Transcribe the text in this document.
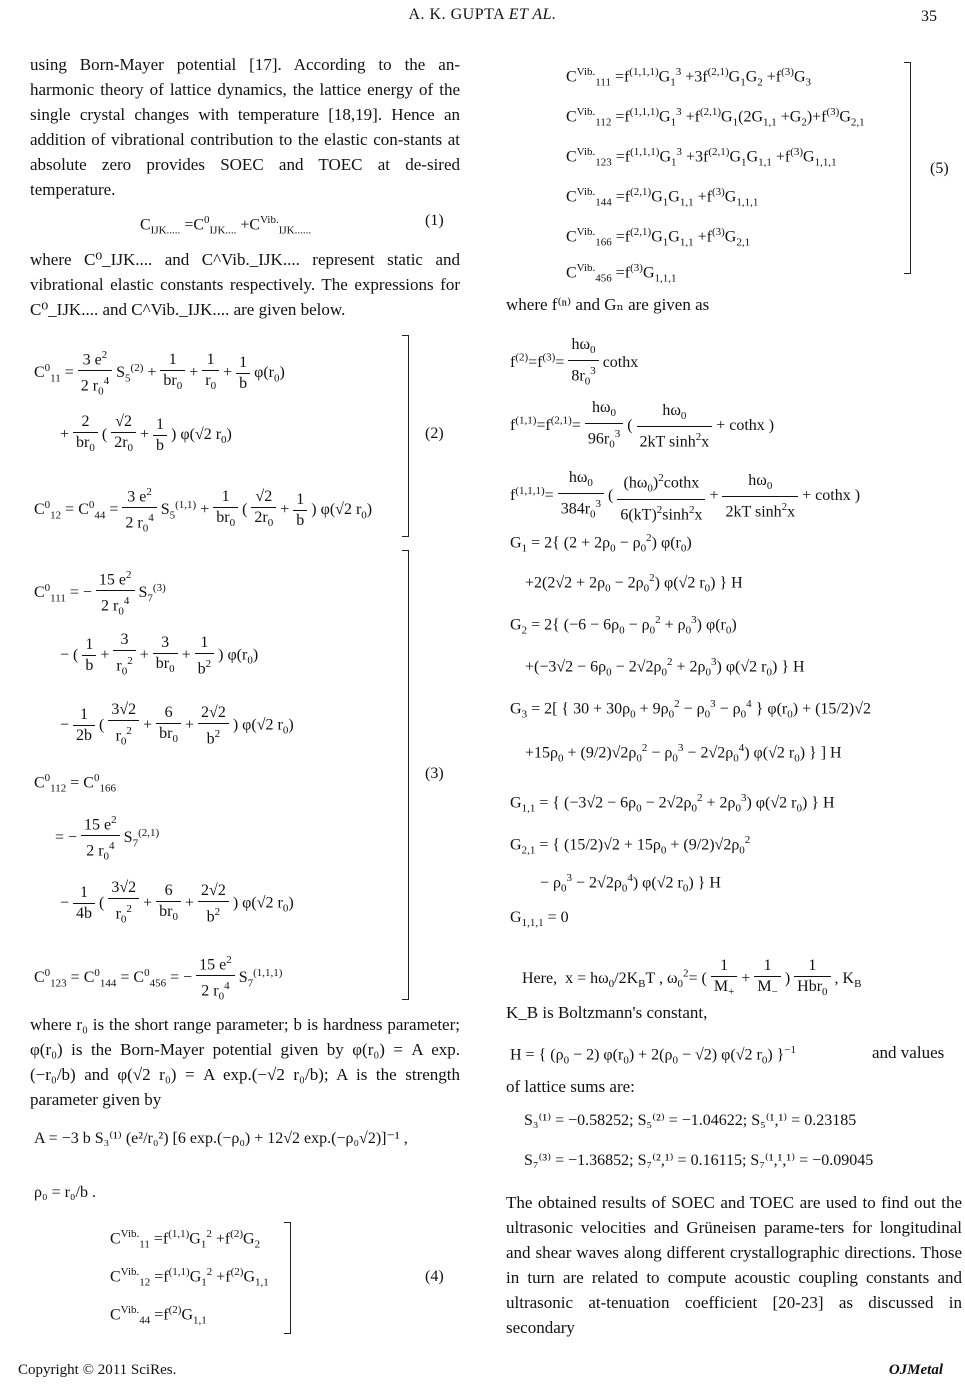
A. K. GUPTA ET AL.	35

using Born-Mayer potential [17]. According to the an-harmonic theory of lattice dynamics, the lattice energy of the single crystal changes with temperature [18,19]. Hence an addition of vibrational contribution to the elastic con-stants at absolute zero provides SOEC and TOEC at de-sired temperature.

$C_{IJK.....} =C^0_{IJK....} +C^{Vib.}_{IJK......}$
(1)

where C⁰_IJK.... and C^Vib._IJK.... represent static and vibrational elastic constants respectively. The expressions for C⁰_IJK.... and C^Vib._IJK.... are given below.

$C^0_{11} = \frac{3 e^2}{2 r_0^4} S_5^{(2)} + \frac{1}{br_0} + \frac{1}{r_0} + \frac{1}{b} \varphi(r_0)$
+ $\frac{2}{br_0}$ ( $\frac{√2}{2r_0} + \frac{1}{b}$ ) φ(√2 $r_0$)
$C^0_{12} = C^0_{44} = \frac{3 e^2}{2 r_0^4} S_5^{(1,1)} + \frac{1}{br_0}$ ( $\frac{√2}{2r_0} + \frac{1}{b}$ ) φ(√2 $r_0$)
(2)
$C^0_{111}$ = − $\frac{15 e^2}{2 r_0^4} S_7^{(3)}$
− ( $\frac{1}{b} + \frac{3}{r_0^2} + \frac{3}{br_0} + \frac{1}{b^2}$ ) $\varphi(r_0)$
− $\frac{1}{2b}$ ( $\frac{3√2}{r_0^2} + \frac{6}{br_0} + \frac{2√2}{b^2}$ ) φ(√2 $r_0$)
$C^0_{112} = C^0_{166}$
= − $\frac{15 e^2}{2 r_0^4} S_7^{(2,1)}$
− $\frac{1}{4b}$ ( $\frac{3√2}{r_0^2} + \frac{6}{br_0} + \frac{2√2}{b^2}$ ) φ(√2 $r_0$)
$C^0_{123} = C^0_{144} = C^0_{456}$ = − $\frac{15 e^2}{2 r_0^4} S_7^{(1,1,1)}$
(3)

where r₀ is the short range parameter; b is hardness parameter; φ(r₀) is the Born-Mayer potential given by φ(r₀) = A exp.(−r₀/b) and φ(√2 r₀) = A exp.(−√2 r₀/b); A is the strength parameter given by

A = −3 b S₃⁽¹⁾ (e²/r₀²) [6 exp.(−ρ₀) + 12√2 exp.(−ρ₀√2)]⁻¹ ,
ρ₀ = r₀/b .
$C^{Vib.}_{11} =f^{(1,1)}G_1^2 +f^{(2)}G_2$
$C^{Vib.}_{12} =f^{(1,1)}G_1^2 +f^{(2)}G_{1,1}$
$C^{Vib.}_{44} =f^{(2)}G_{1,1}$
(4)
$C^{Vib.}_{111} =f^{(1,1,1)}G_1^3 +3f^{(2,1)}G_1G_2 +f^{(3)}G_3$
$C^{Vib.}_{112} =f^{(1,1,1)}G_1^3 +f^{(2,1)}G_1(2G_{1,1} +G_2)+f^{(3)}G_{2,1}$
$C^{Vib.}_{123} =f^{(1,1,1)}G_1^3 +3f^{(2,1)}G_1G_{1,1} +f^{(3)}G_{1,1,1}$
$C^{Vib.}_{144} =f^{(2,1)}G_1G_{1,1} +f^{(3)}G_{1,1,1}$
$C^{Vib.}_{166} =f^{(2,1)}G_1G_{1,1} +f^{(3)}G_{2,1}$
$C^{Vib.}_{456} =f^{(3)}G_{1,1,1}$
(5)

where f⁽ⁿ⁾ and Gₙ are given as

$f^{(2)}=f^{(3)}= \frac{h\omega_0}{8r_0^3}$ cothx
$f^{(1,1)}=f^{(2,1)}= \frac{h\omega_0}{96r_0^3}$ ( $\frac{h\omega_0}{2kT \sinh^2x}$ + cothx )
$f^{(1,1,1)}= \frac{h\omega_0}{384r_0^3}$ ( $\frac{(h\omega_0)^2cothx}{6(kT)^2\sinh^2x} + \frac{h\omega_0}{2kT \sinh^2x}$ + cothx )
$G_1 = 2${ $(2 + 2\rho_0 - \rho_0^2)$ $\varphi(r_0)$
$+2(2√2 + 2\rho_0 - 2\rho_0^2)$ φ(√2 $r_0$) } H
$G_2 = 2${ $(-6 - 6\rho_0 - \rho_0^2 + \rho_0^3)$ $\varphi(r_0)$
$+(-3√2 - 6\rho_0 - 2√2\rho_0^2 + 2\rho_0^3)$ φ(√2 $r_0$) } H
$G_3 = 2$[ { $30 + 30\rho_0 + 9\rho_0^2 - \rho_0^3 - \rho_0^4$ } $\varphi(r_0) + (15/2)√2$
$+15\rho_0 + (9/2)√2\rho_0^2 - \rho_0^3 - 2√2\rho_0^4$) φ(√2 $r_0$) } ] H
$G_{1,1}$ = { $(-3√2 - 6\rho_0 - 2√2\rho_0^2 + 2\rho_0^3)$ φ(√2 $r_0$) } H
$G_{2,1}$ = { $(15/2)√2 + 15\rho_0 + (9/2)√2\rho_0^2$
− $\rho_0^3 - 2√2\rho_0^4$) φ(√2 $r_0$) } H
$G_{1,1,1} = 0$
Here,  $x = h\omega_0/2K_BT$ , $\omega_0^2=$ ( $\frac{1}{M_+} + \frac{1}{M_-}$ ) $\frac{1}{Hbr_0}$ , $K_B$

K_B is Boltzmann's constant,

H = { $(\rho_0 - 2) \varphi(r_0) + 2(\rho_0 - √2)$ φ(√2 $r_0$) }$^{-1}$	and values

of lattice sums are:

S₃⁽¹⁾ = −0.58252; S₅⁽²⁾ = −1.04622; S₅⁽¹,¹⁾ = 0.23185
S₇⁽³⁾ = −1.36852; S₇⁽²,¹⁾ = 0.16115; S₇⁽¹,¹,¹⁾ = −0.09045

The obtained results of SOEC and TOEC are used to find out the ultrasonic velocities and Grüneisen parame-ters for longitudinal and shear waves along different crystallographic directions. Those in turn are related to compute acoustic coupling constants and ultrasonic at-tenuation coefficient [20-23] as discussed in secondary

Copyright © 2011 SciRes.	OJMetal
